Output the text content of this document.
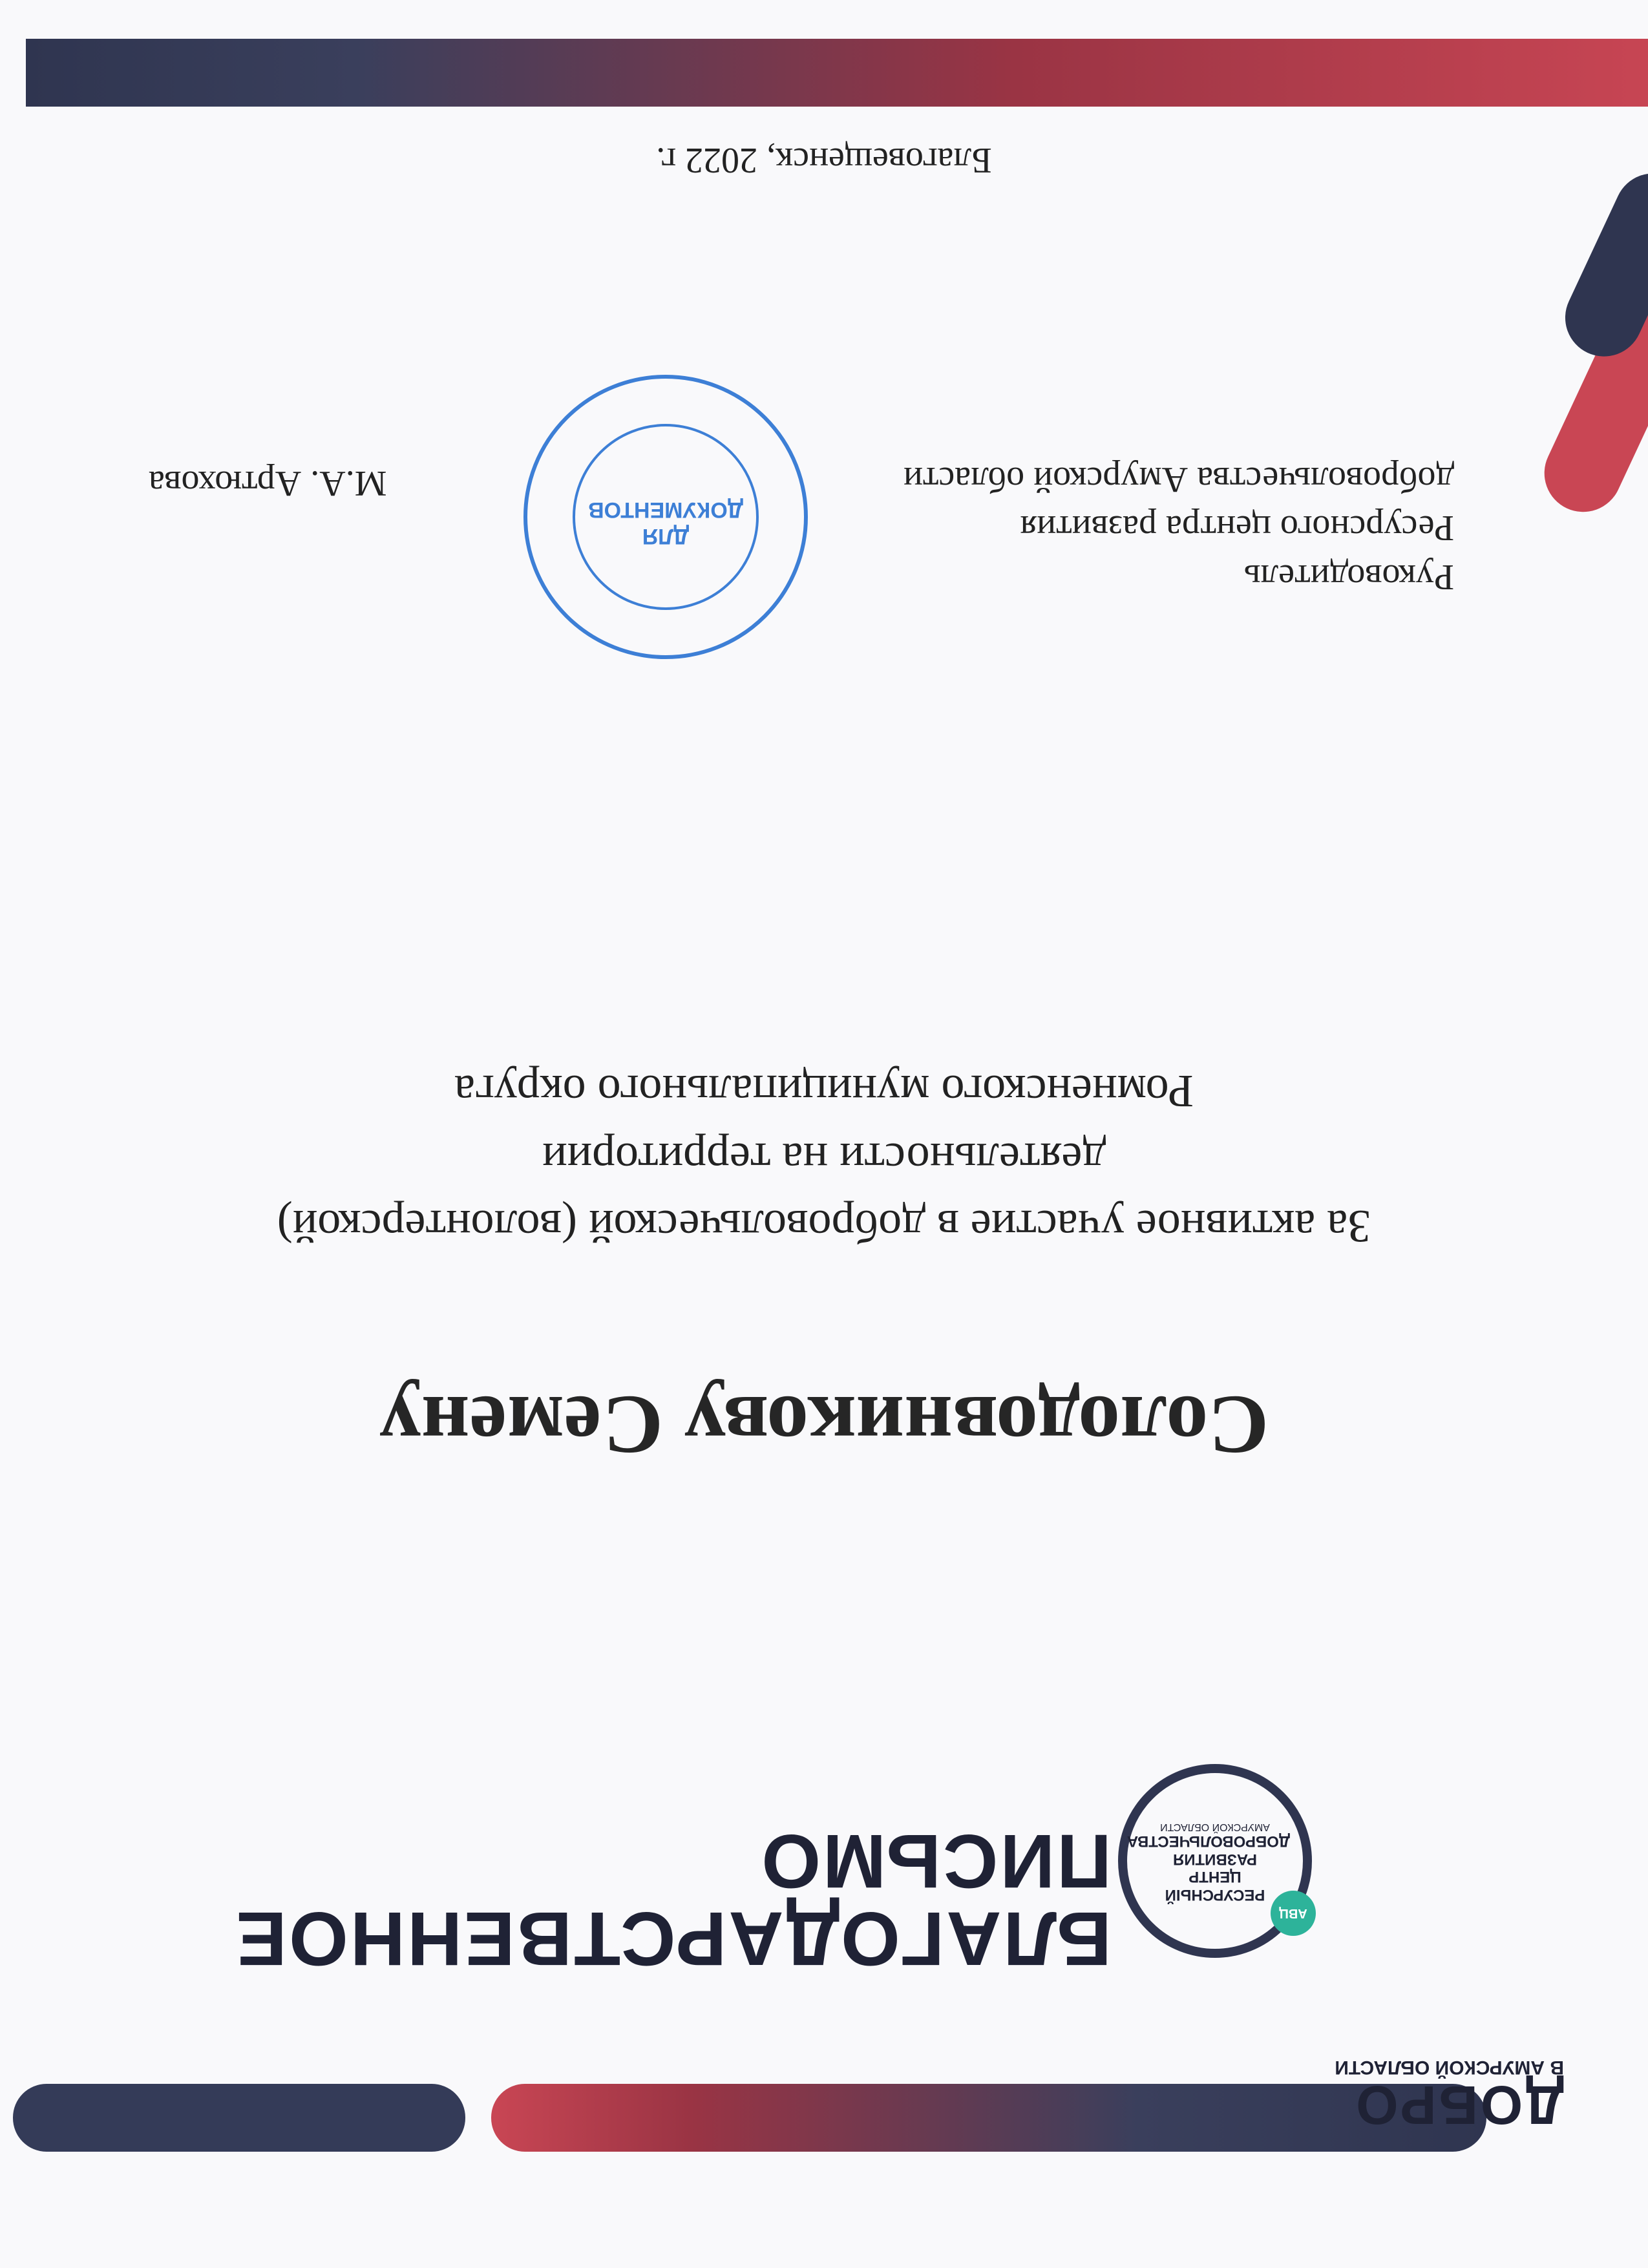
ДОБРО
В АМУРСКОЙ ОБЛАСТИ
АВЦ
РЕСУРСНЫЙ
ЦЕНТР
РАЗВИТИЯ
ДОБРОВОЛЬЧЕСТВА
АМУРСКОЙ ОБЛАСТИ
БЛАГОДАРСТВЕННОЕ
ПИСЬМО
Солодовникову Семену
За активное участие в добровольческой (волонтерской)
деятельности на территории
Ромненского муниципального округа
Руководитель
Ресурсного центра развития
добровольчества Амурской области
М.А. Артюхова
ДЛЯ ДОКУМЕНТОВ
Благовещенск, 2022 г.
